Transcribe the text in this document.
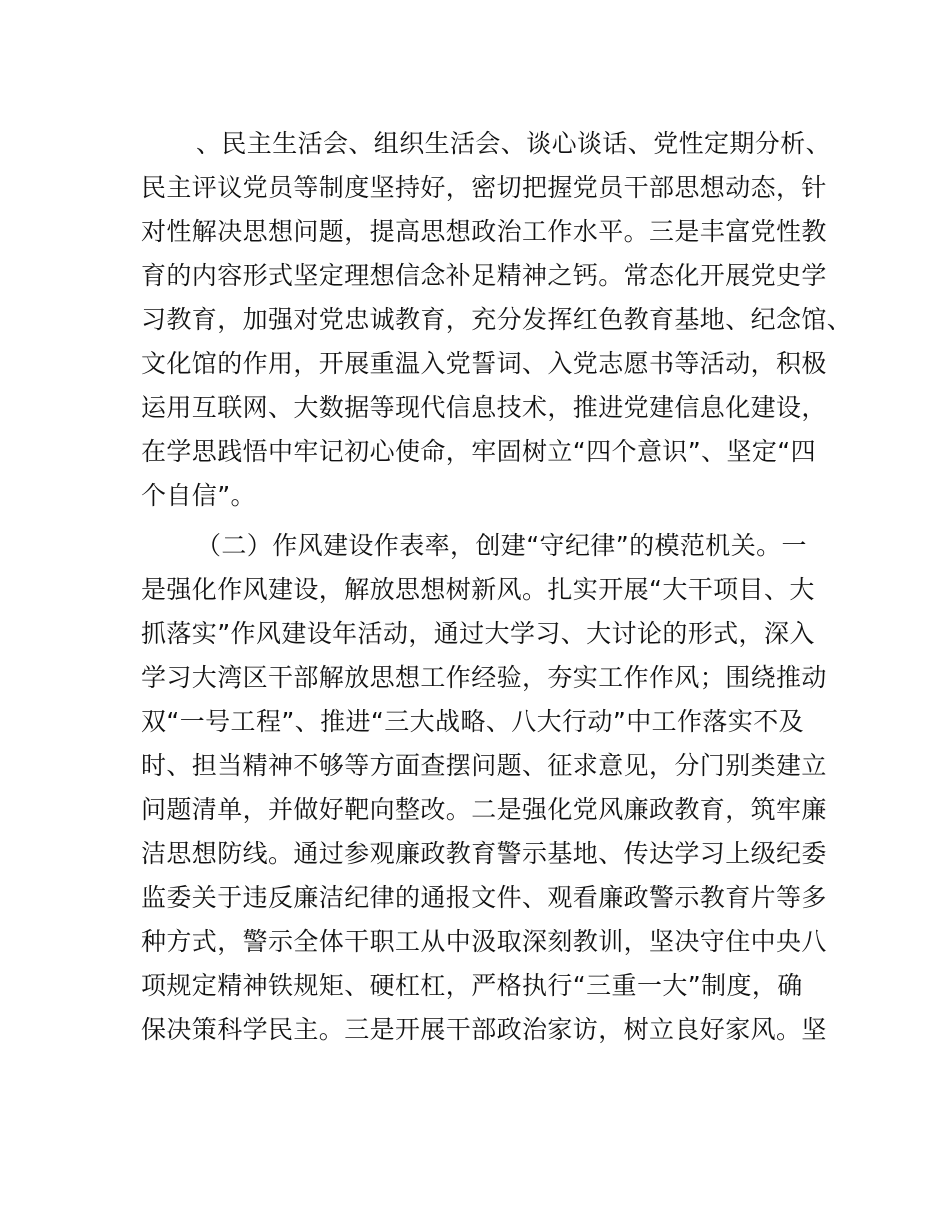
、民主生活会、组织生活会、谈心谈话、党性定期分析、
民主评议党员等制度坚持好，密切把握党员干部思想动态，针
对性解决思想问题，提高思想政治工作水平。三是丰富党性教
育的内容形式坚定理想信念补足精神之钙。常态化开展党史学
习教育，加强对党忠诚教育，充分发挥红色教育基地、纪念馆、
文化馆的作用，开展重温入党誓词、入党志愿书等活动，积极
运用互联网、大数据等现代信息技术，推进党建信息化建设，
在学思践悟中牢记初心使命，牢固树立“四个意识”、坚定“四
个自信”。
（二）作风建设作表率，创建“守纪律”的模范机关。一
是强化作风建设，解放思想树新风。扎实开展“大干项目、大
抓落实”作风建设年活动，通过大学习、大讨论的形式，深入
学习大湾区干部解放思想工作经验，夯实工作作风；围绕推动
双“一号工程”、推进“三大战略、八大行动”中工作落实不及
时、担当精神不够等方面查摆问题、征求意见，分门别类建立
问题清单，并做好靶向整改。二是强化党风廉政教育，筑牢廉
洁思想防线。通过参观廉政教育警示基地、传达学习上级纪委
监委关于违反廉洁纪律的通报文件、观看廉政警示教育片等多
种方式，警示全体干职工从中汲取深刻教训，坚决守住中央八
项规定精神铁规矩、硬杠杠，严格执行“三重一大”制度，确
保决策科学民主。三是开展干部政治家访，树立良好家风。坚
